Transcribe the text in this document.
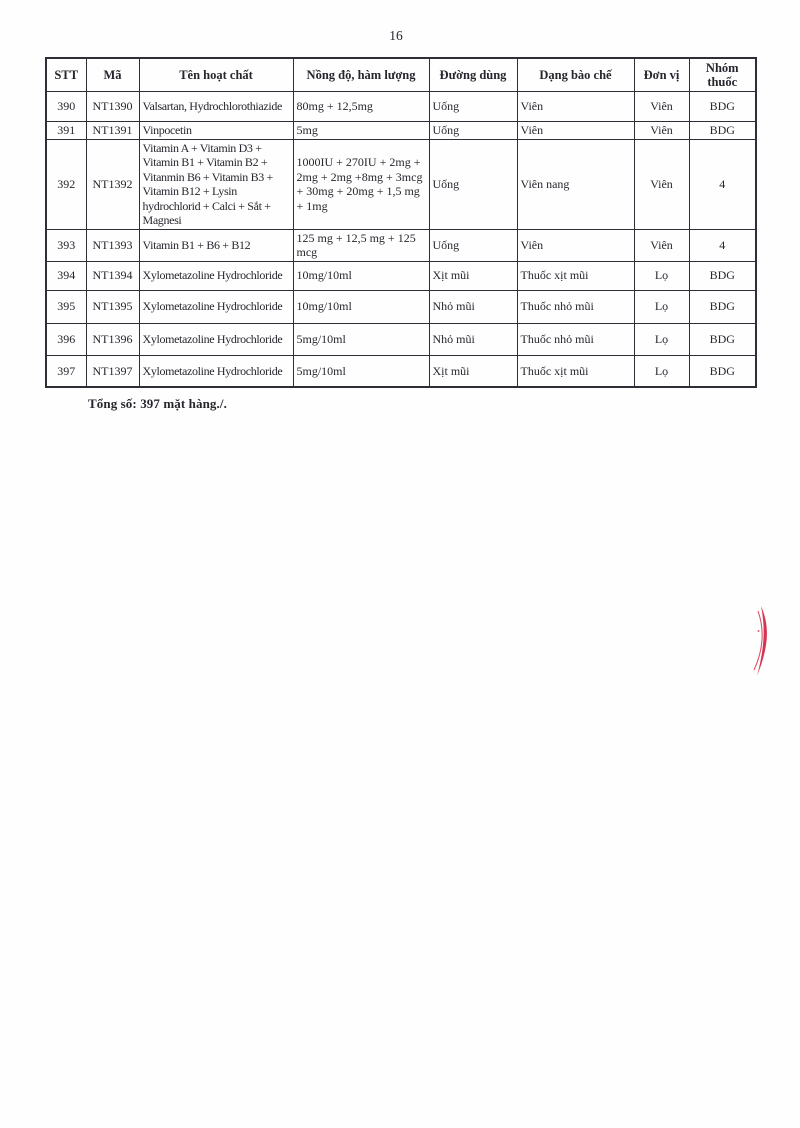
16
STT	Mã	Tên hoạt chất	Nồng độ, hàm lượng	Đường dùng	Dạng bào chế	Đơn vị	Nhóm thuốc
390	NT1390	Valsartan, Hydrochlorothiazide	80mg + 12,5mg	Uống	Viên	Viên	BDG
391	NT1391	Vinpocetin	5mg	Uống	Viên	Viên	BDG
392	NT1392	Vitamin A + Vitamin D3 + Vitamin B1 + Vitamin B2 + Vitanmin B6 + Vitamin B3 + Vitamin B12 + Lysin hydrochlorid + Calci + Sắt + Magnesi	1000IU + 270IU + 2mg + 2mg + 2mg +8mg + 3mcg + 30mg + 20mg + 1,5 mg + 1mg	Uống	Viên nang	Viên	4
393	NT1393	Vitamin B1 + B6 + B12	125 mg + 12,5 mg + 125 mcg	Uống	Viên	Viên	4
394	NT1394	Xylometazoline Hydrochloride	10mg/10ml	Xịt mũi	Thuốc xịt mũi	Lọ	BDG
395	NT1395	Xylometazoline Hydrochloride	10mg/10ml	Nhỏ mũi	Thuốc nhỏ mũi	Lọ	BDG
396	NT1396	Xylometazoline Hydrochloride	5mg/10ml	Nhỏ mũi	Thuốc nhỏ mũi	Lọ	BDG
397	NT1397	Xylometazoline Hydrochloride	5mg/10ml	Xịt mũi	Thuốc xịt mũi	Lọ	BDG
Tổng số: 397 mặt hàng./.
